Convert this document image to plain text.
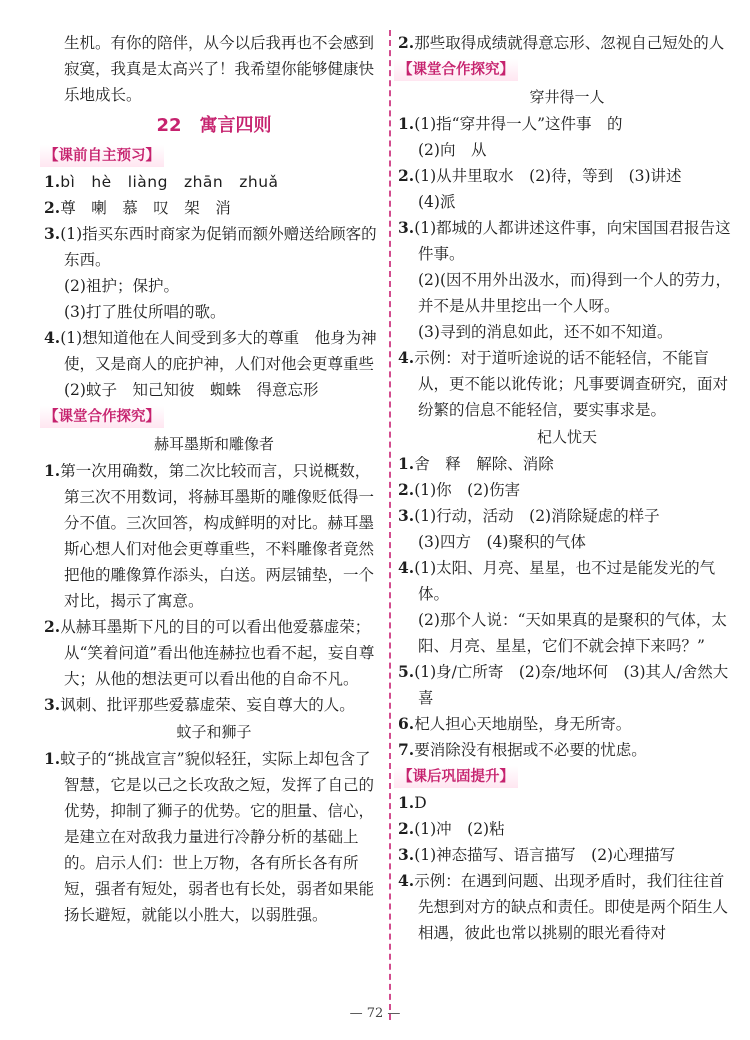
生机。有你的陪伴，从今以后我再也不会感到寂寞，我真是太高兴了！我希望你能够健康快乐地成长。

22　寓言四则
【课前自主预习】

1.bì　hè　liàng　zhān　zhuǎ

2.尊　喇　慕　叹　架　消

3.(1)指买东西时商家为促销而额外赠送给顾客的东西。

(2)祖护；保护。

(3)打了胜仗所唱的歌。

4.(1)想知道他在人间受到多大的尊重　他身为神使，又是商人的庇护神，人们对他会更尊重些

(2)蚊子　知己知彼　蜘蛛　得意忘形

【课堂合作探究】
赫耳墨斯和雕像者

1.第一次用确数，第二次比较而言，只说概数，第三次不用数词，将赫耳墨斯的雕像贬低得一分不值。三次回答，构成鲜明的对比。赫耳墨斯心想人们对他会更尊重些，不料雕像者竟然把他的雕像算作添头，白送。两层铺垫，一个对比，揭示了寓意。

2.从赫耳墨斯下凡的目的可以看出他爱慕虚荣；从“笑着问道”看出他连赫拉也看不起，妄自尊大；从他的想法更可以看出他的自命不凡。

3.讽刺、批评那些爱慕虚荣、妄自尊大的人。

蚊子和狮子

1.蚊子的“挑战宣言”貌似轻狂，实际上却包含了智慧，它是以己之长攻敌之短，发挥了自己的优势，抑制了狮子的优势。它的胆量、信心，是建立在对敌我力量进行冷静分析的基础上的。启示人们：世上万物，各有所长各有所短，强者有短处，弱者也有长处，弱者如果能扬长避短，就能以小胜大，以弱胜强。

2.那些取得成绩就得意忘形、忽视自己短处的人

【课堂合作探究】
穿井得一人

1.(1)指“穿井得一人”这件事　的

(2)向　从

2.(1)从井里取水　(2)待，等到　(3)讲述

(4)派

3.(1)都城的人都讲述这件事，向宋国国君报告这件事。

(2)(因不用外出汲水，而)得到一个人的劳力，并不是从井里挖出一个人呀。

(3)寻到的消息如此，还不如不知道。

4.示例：对于道听途说的话不能轻信，不能盲从，更不能以讹传讹；凡事要调查研究，面对纷繁的信息不能轻信，要实事求是。

杞人忧天

1.舍　释　解除、消除

2.(1)你　(2)伤害

3.(1)行动，活动　(2)消除疑虑的样子

(3)四方　(4)聚积的气体

4.(1)太阳、月亮、星星，也不过是能发光的气体。

(2)那个人说：“天如果真的是聚积的气体，太阳、月亮、星星，它们不就会掉下来吗？”

5.(1)身/亡所寄　(2)奈/地坏何　(3)其人/舍然大喜

6.杞人担心天地崩坠，身无所寄。

7.要消除没有根据或不必要的忧虑。

【课后巩固提升】

1.D

2.(1)冲　(2)粘

3.(1)神态描写、语言描写　(2)心理描写

4.示例：在遇到问题、出现矛盾时，我们往往首先想到对方的缺点和责任。即使是两个陌生人相遇，彼此也常以挑剔的眼光看待对

— 72 —
